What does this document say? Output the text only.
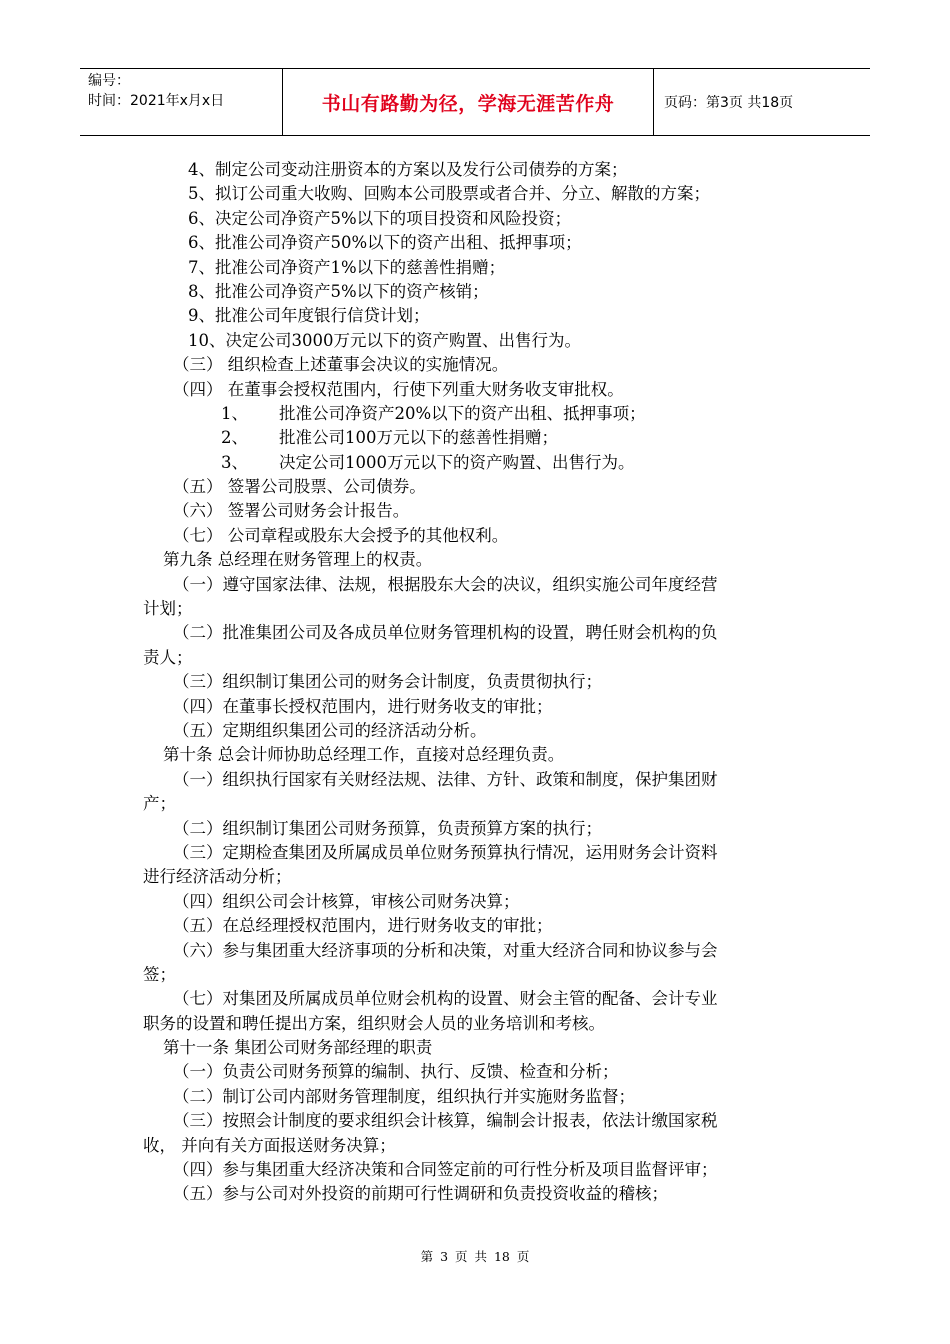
编号：
时间：2021年x月x日	书山有路勤为径，学海无涯苦作舟	页码：第3页 共18页
4、制定公司变动注册资本的方案以及发行公司债券的方案；
5、拟订公司重大收购、回购本公司股票或者合并、分立、解散的方案；
6、决定公司净资产5%以下的项目投资和风险投资；
6、批准公司净资产50%以下的资产出租、抵押事项；
7、批准公司净资产1%以下的慈善性捐赠；
8、批准公司净资产5%以下的资产核销；
9、批准公司年度银行信贷计划；
10、决定公司3000万元以下的资产购置、出售行为。
（三） 组织检查上述董事会决议的实施情况。
（四） 在董事会授权范围内，行使下列重大财务收支审批权。
1、 批准公司净资产20%以下的资产出租、抵押事项；
2、 批准公司100万元以下的慈善性捐赠；
3、 决定公司1000万元以下的资产购置、出售行为。
（五） 签署公司股票、公司债券。
（六） 签署公司财务会计报告。
（七） 公司章程或股东大会授予的其他权利。
第九条 总经理在财务管理上的权责。
（一）遵守国家法律、法规，根据股东大会的决议，组织实施公司年度经营
计划；
（二）批准集团公司及各成员单位财务管理机构的设置，聘任财会机构的负
责人；
（三）组织制订集团公司的财务会计制度，负责贯彻执行；
（四）在董事长授权范围内，进行财务收支的审批；
（五）定期组织集团公司的经济活动分析。
第十条 总会计师协助总经理工作，直接对总经理负责。
（一）组织执行国家有关财经法规、法律、方针、政策和制度，保护集团财
产；
（二）组织制订集团公司财务预算，负责预算方案的执行；
（三）定期检查集团及所属成员单位财务预算执行情况，运用财务会计资料
进行经济活动分析；
（四）组织公司会计核算，审核公司财务决算；
（五）在总经理授权范围内，进行财务收支的审批；
（六）参与集团重大经济事项的分析和决策，对重大经济合同和协议参与会
签；
（七）对集团及所属成员单位财会机构的设置、财会主管的配备、会计专业
职务的设置和聘任提出方案，组织财会人员的业务培训和考核。
第十一条 集团公司财务部经理的职责
（一）负责公司财务预算的编制、执行、反馈、检查和分析；
（二）制订公司内部财务管理制度，组织执行并实施财务监督；
（三）按照会计制度的要求组织会计核算，编制会计报表，依法计缴国家税
收， 并向有关方面报送财务决算；
（四）参与集团重大经济决策和合同签定前的可行性分析及项目监督评审；
（五）参与公司对外投资的前期可行性调研和负责投资收益的稽核；
第 3 页 共 18 页
